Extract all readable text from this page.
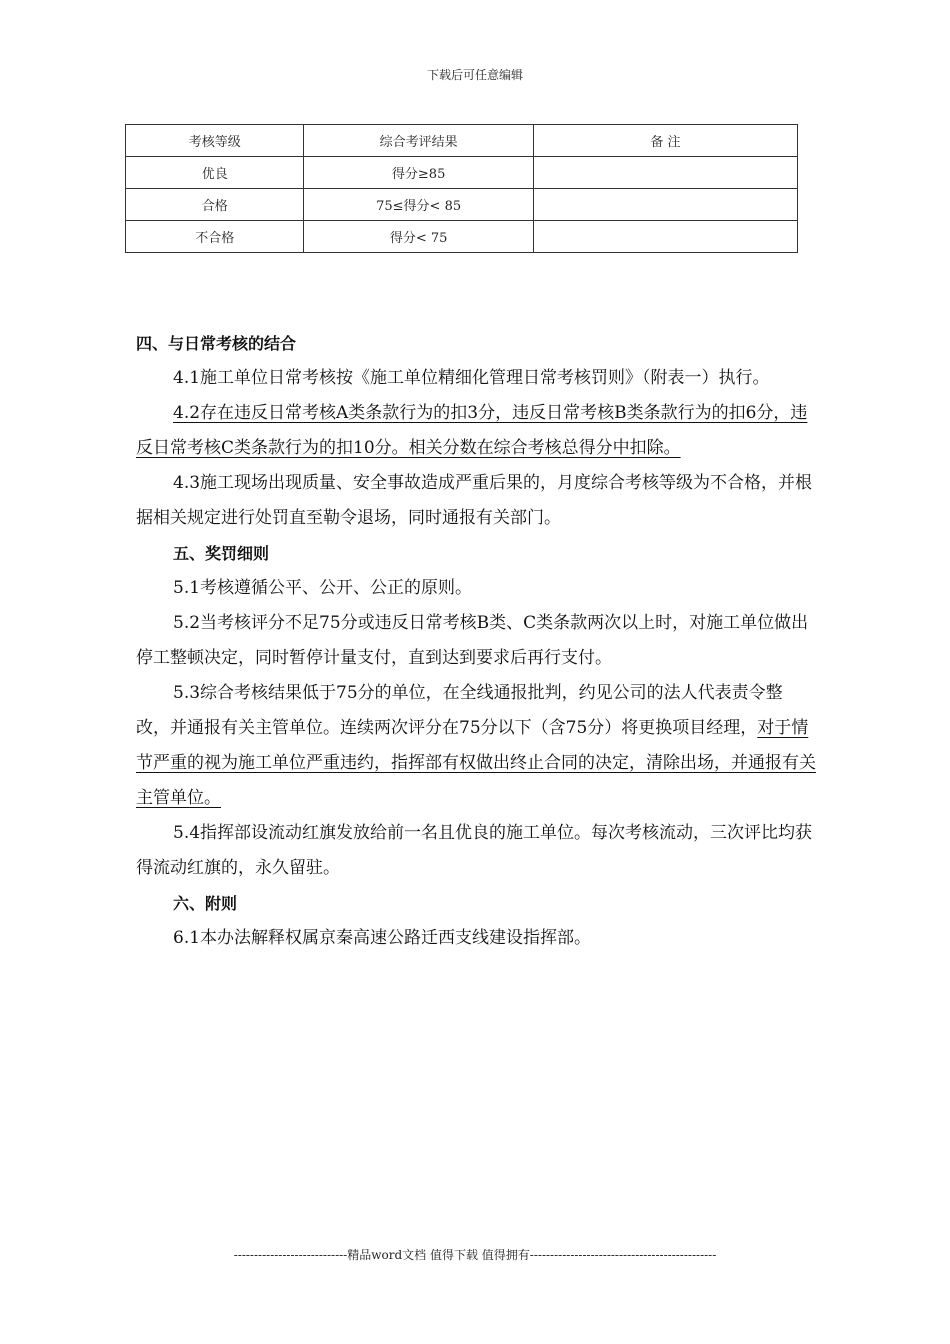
下载后可任意编辑
考核等级	综合考评结果	备 注
优良	得分≥85	
合格	75≤得分< 85	
不合格	得分< 75	

四、与日常考核的结合

4.1施工单位日常考核按《施工单位精细化管理日常考核罚则》（附表一）执行。

4.2存在违反日常考核A类条款行为的扣3分，违反日常考核B类条款行为的扣6分，违反日常考核C类条款行为的扣10分。相关分数在综合考核总得分中扣除。

4.3施工现场出现质量、安全事故造成严重后果的，月度综合考核等级为不合格，并根据相关规定进行处罚直至勒令退场，同时通报有关部门。

五、奖罚细则

5.1考核遵循公平、公开、公正的原则。

5.2当考核评分不足75分或违反日常考核B类、C类条款两次以上时，对施工单位做出停工整顿决定，同时暂停计量支付，直到达到要求后再行支付。

5.3综合考核结果低于75分的单位，在全线通报批判，约见公司的法人代表责令整改，并通报有关主管单位。连续两次评分在75分以下（含75分）将更换项目经理，对于情节严重的视为施工单位严重违约，指挥部有权做出终止合同的决定，清除出场，并通报有关主管单位。

5.4指挥部设流动红旗发放给前一名且优良的施工单位。每次考核流动，三次评比均获得流动红旗的，永久留驻。

六、附则

6.1本办法解释权属京秦高速公路迁西支线建设指挥部。

----------------------------精品word文档 值得下载 值得拥有----------------------------------------------
